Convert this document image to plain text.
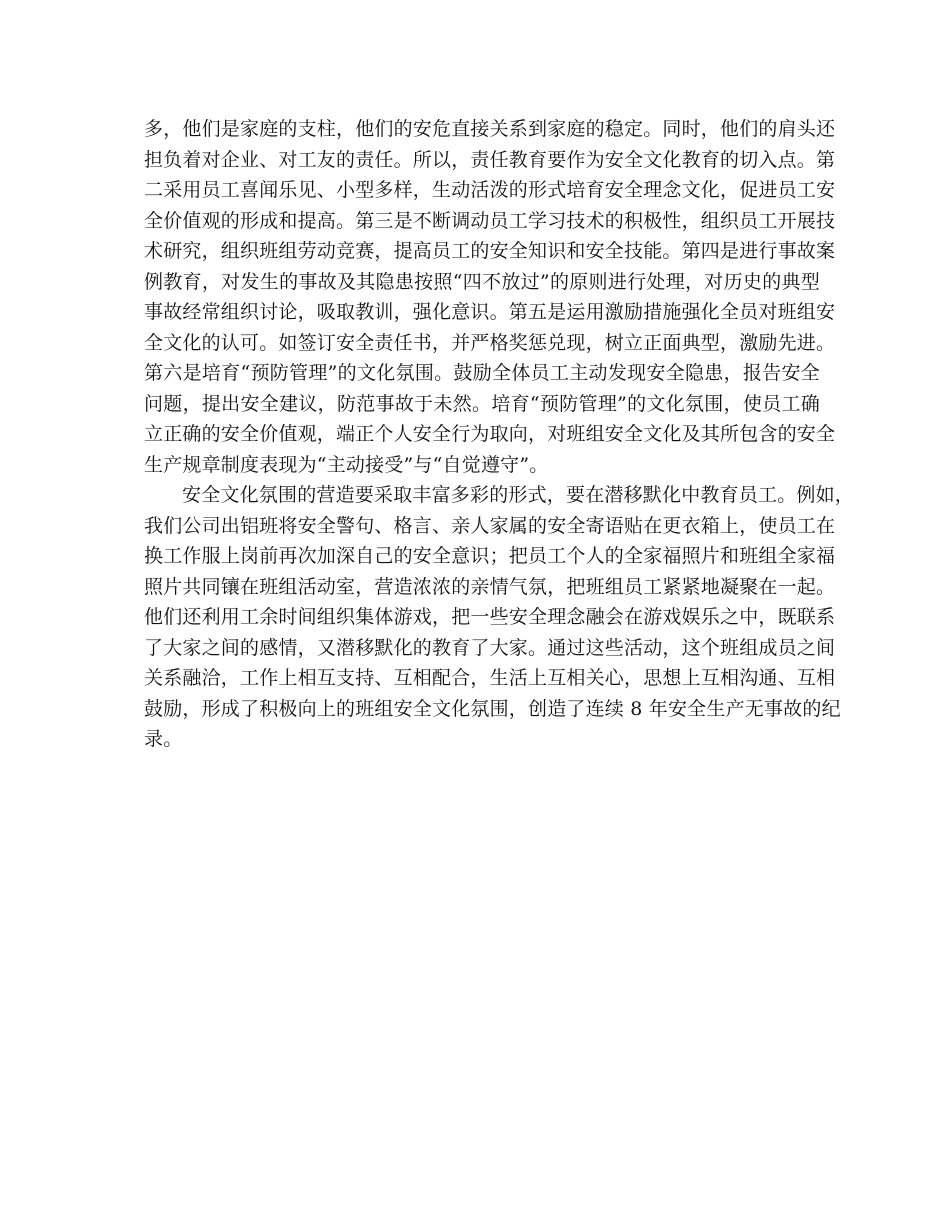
多，他们是家庭的支柱，他们的安危直接关系到家庭的稳定。同时，他们的肩头还
担负着对企业、对工友的责任。所以，责任教育要作为安全文化教育的切入点。第
二采用员工喜闻乐见、小型多样，生动活泼的形式培育安全理念文化，促进员工安
全价值观的形成和提高。第三是不断调动员工学习技术的积极性，组织员工开展技
术研究，组织班组劳动竞赛，提高员工的安全知识和安全技能。第四是进行事故案
例教育，对发生的事故及其隐患按照“四不放过”的原则进行处理，对历史的典型
事故经常组织讨论，吸取教训，强化意识。第五是运用激励措施强化全员对班组安
全文化的认可。如签订安全责任书，并严格奖惩兑现，树立正面典型，激励先进。
第六是培育“预防管理”的文化氛围。鼓励全体员工主动发现安全隐患，报告安全
问题，提出安全建议，防范事故于未然。培育“预防管理”的文化氛围，使员工确
立正确的安全价值观，端正个人安全行为取向，对班组安全文化及其所包含的安全
生产规章制度表现为“主动接受”与“自觉遵守”。
安全文化氛围的营造要采取丰富多彩的形式，要在潜移默化中教育员工。例如，
我们公司出铝班将安全警句、格言、亲人家属的安全寄语贴在更衣箱上，使员工在
换工作服上岗前再次加深自己的安全意识；把员工个人的全家福照片和班组全家福
照片共同镶在班组活动室，营造浓浓的亲情气氛，把班组员工紧紧地凝聚在一起。
他们还利用工余时间组织集体游戏，把一些安全理念融会在游戏娱乐之中，既联系
了大家之间的感情，又潜移默化的教育了大家。通过这些活动，这个班组成员之间
关系融洽，工作上相互支持、互相配合，生活上互相关心，思想上互相沟通、互相
鼓励，形成了积极向上的班组安全文化氛围，创造了连续 8 年安全生产无事故的纪
录。
